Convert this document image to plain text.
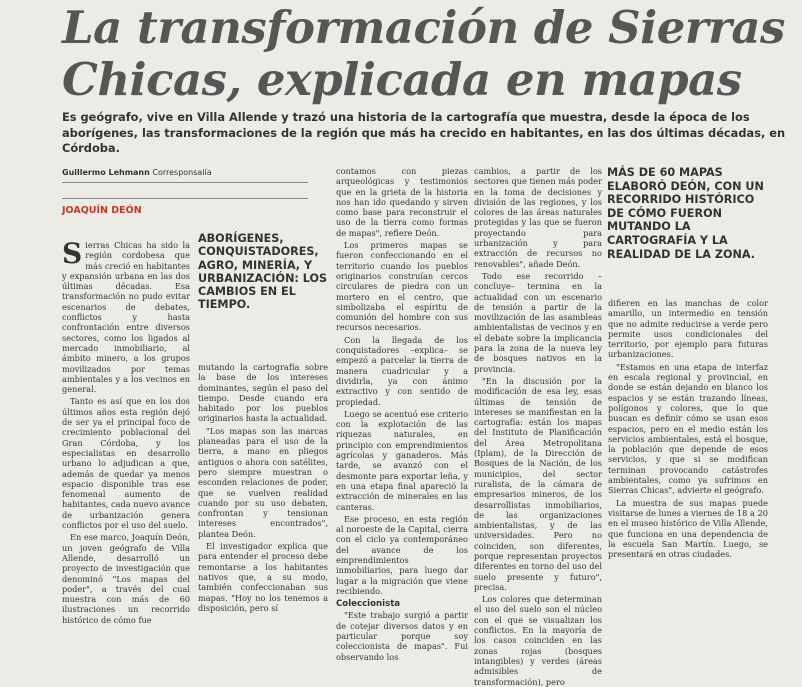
La transformación de Sierras
Chicas, explicada en mapas
Es geógrafo, vive en Villa Allende y trazó una historia de la cartografía que muestra, desde la época de los aborígenes, las transformaciones de la región que más ha crecido en habitantes, en las dos últimas décadas, en Córdoba.
Guillermo Lehmann Corresponsalía
JOAQUÍN DEÓN

Sierras Chicas ha sido la región cordobesa que más creció en habitantes y expansión urbana en las dos últimas décadas. Esa transformación no pudo evitar escenarios de debates, conflictos y hasta confrontación entre diversos sectores, como los ligados al mercado inmobiliario, al ámbito minero, a los grupos movilizados por temas ambientales y a los vecinos en general.

Tanto es así que en los dos últimos años esta región dejó de ser ya el principal foco de crecimiento poblacional del Gran Córdoba, y los especialistas en desarrollo urbano lo adjudican a que, además de quedar ya menos espacio disponible tras ese fenomenal aumento de habitantes, cada nuevo avance de urbanización genera conflictos por el uso del suelo.

En ese marco, Joaquín Deón, un joven geógrafo de Villa Allende, desarrolló un proyecto de investigación que denominó "Los mapas del poder", a través del cual muestra con más de 60 ilustraciones un recorrido histórico de cómo fue

ABORÍGENES, CONQUISTADORES, AGRO, MINERÍA, Y URBANIZACIÓN: LOS CAMBIOS EN EL TIEMPO.

mutando la cartografía sobre la base de los intereses dominantes, según el paso del tiempo. Desde cuando era habitado por los pueblos originarios hasta la actualidad.

"Los mapas son las marcas planeadas para el uso de la tierra, a mano en pliegos antiguos o ahora con satélites, pero siempre muestran o esconden relaciones de poder, que se vuelven realidad cuando por su uso debaten, confrontan y tensionan intereses encontrados", plantea Deón.

El investigador explica que para entender el proceso debe remontarse a los habitantes nativos que, a su modo, también confeccionaban sus mapas. "Hoy no los tenemos a disposición, pero sí

contamos con piezas arqueológicas y testimonios que en la grieta de la historia nos han ido quedando y sirven como base para reconstruir el uso de la tierra como formas de mapas", refiere Deón.

Los primeros mapas se fueron confeccionando en el territorio cuando los pueblos originarios construían cercos circulares de piedra con un mortero en el centro, que simbolizaba el espíritu de comunión del hombre con sus recursos necesarios.

Con la llegada de los conquistadores –explica– se empezó a parcelar la tierra de manera cuadricular y a dividirla, ya con ánimo extractivo y con sentido de propiedad.

Luego se acentuó ese criterio con la explotación de las riquezas naturales, en principio con emprendimientos agrícolas y ganaderos. Más tarde, se avanzó con el desmonte para exportar leña, y en una etapa final apareció la extracción de minerales en las canteras.

Ese proceso, en esta región al noroeste de la Capital, cierra con el ciclo ya contemporáneo del avance de los emprendimientos inmobiliarios, para luego dar lugar a la migración que viene recibiendo.

Coleccionista

"Este trabajo surgió a partir de cotejar diversos datos y en particular porque soy coleccionista de mapas". Fui observando los

cambios, a partir de los sectores que tienen más poder en la toma de decisiones y división de las regiones, y los colores de las áreas naturales protegidas y las que se fueron proyectando para urbanización y para extracción de recursos no renovables", añade Deón.

Todo ese recorrido –concluye– termina en la actualidad con un escenario de tensión a partir de la movilización de las asambleas ambientalistas de vecinos y en el debate sobre la implicancia para la zona de la nueva ley de bosques nativos en la provincia.

"En la discusión por la modificación de esa ley, esas últimas de tensión de intereses se manifiestan en la cartografía: están los mapas del Instituto de Planificación del Área Metropolitana (Iplam), de la Dirección de Bosques de la Nación, de los municipios, del sector ruralista, de la cámara de empresarios mineros, de los desarrollistas inmobiliarios, de las organizaciones ambientalistas, y de las universidades. Pero no coinciden, son diferentes, porque representan proyectos diferentes en torno del uso del suelo presente y futuro", precisa.

Los colores que determinan el uso del suelo son el núcleo con el que se visualizan los conflictos. En la mayoría de los casos coinciden en las zonas rojas (bosques intangibles) y verdes (áreas admisibles de transformación), pero

MÁS DE 60 MAPAS ELABORÓ DEÓN, CON UN RECORRIDO HISTÓRICO DE CÓMO FUERON MUTANDO LA CARTOGRAFÍA Y LA REALIDAD DE LA ZONA.

difieren en las manchas de color amarillo, un intermedio en tensión que no admite reducirse a verde pero permite usos condicionales del territorio, por ejemplo para futuras urbanizaciones.

"Estamos en una etapa de interfaz en escala regional y provincial, en donde se están dejando en blanco los espacios y se están trazando líneas, polígonos y colores, que lo que buscan es definir cómo se usan esos espacios, pero en el medio están los servicios ambientales, está el bosque, la población que depende de esos servicios, y que si se modifican terminan provocando catástrofes ambientales, como ya sufrimos en Sierras Chicas", advierte el geógrafo.

La muestra de sus mapas puede visitarse de lunes a viernes de 18 a 20 en el museo histórico de Villa Allende, que funciona en una dependencia de la escuela San Martín. Luego, se presentará en otras ciudades.
